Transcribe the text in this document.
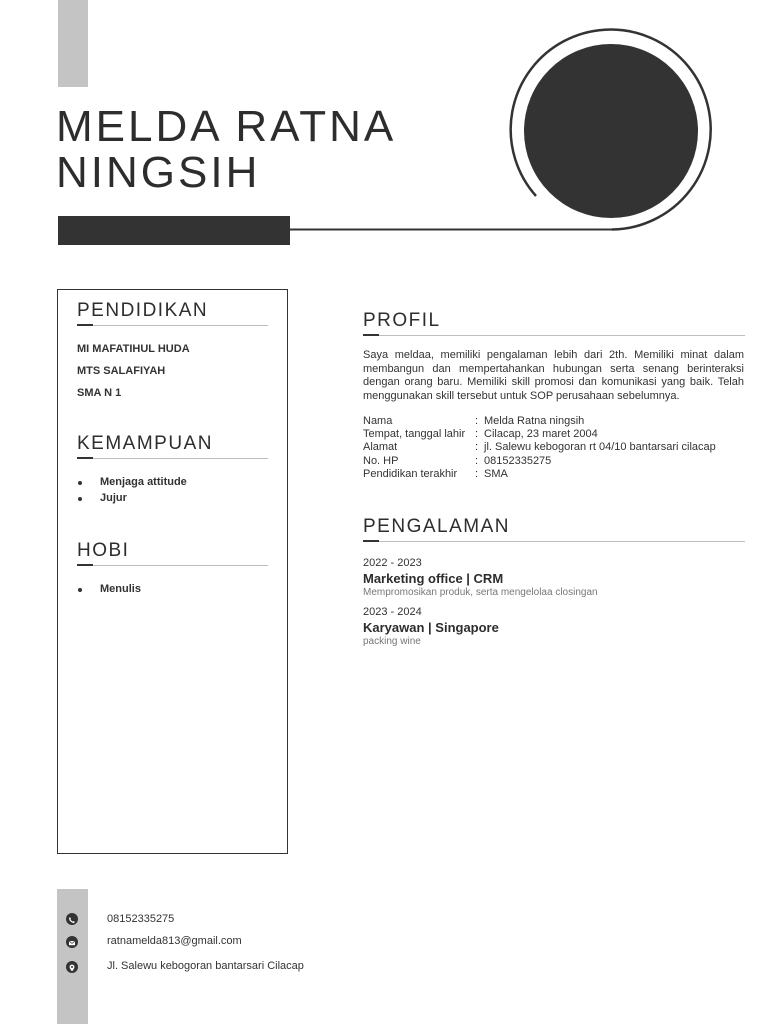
MELDA RATNA
NINGSIH
PENDIDIKAN
MI MAFATIHUL HUDA
MTS SALAFIYAH
SMA N 1
KEMAMPUAN
Menjaga attitude
Jujur
HOBI
Menulis
PROFIL

Saya meldaa, memiliki pengalaman lebih dari 2th. Memiliki minat dalam membangun dan mempertahankan hubungan serta senang berinteraksi dengan orang baru. Memiliki skill promosi dan komunikasi yang baik. Telah menggunakan skill tersebut untuk SOP perusahaan sebelumnya.

Nama	: Melda Ratna ningsih
Tempat, tanggal lahir : Cilacap, 23 maret 2004
Alamat	: jl. Salewu kebogoran rt 04/10 bantarsari cilacap
No. HP	: 08152335275
Pendidikan terakhir : SMA
PENGALAMAN
2022 - 2023
Marketing office | CRM
Mempromosikan produk, serta mengelolaa closingan
2023 - 2024
Karyawan | Singapore
packing wine
08152335275
ratnamelda813@gmail.com
Jl. Salewu kebogoran bantarsari Cilacap
